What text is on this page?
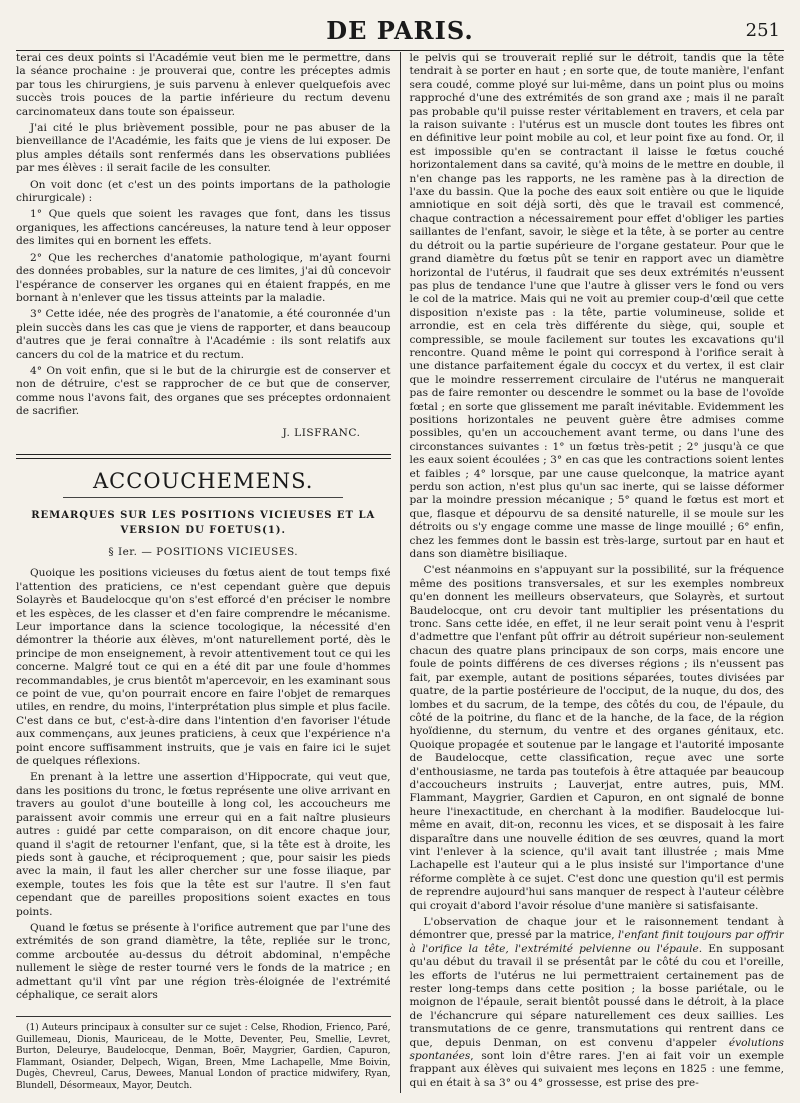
DE PARIS.	251

terai ces deux points si l'Académie veut bien me le permettre, dans la séance prochaine : je prouverai que, contre les préceptes admis par tous les chirurgiens, je suis parvenu à enlever quelquefois avec succès trois pouces de la partie inférieure du rectum devenu carcinomateux dans toute son épaisseur.

J'ai cité le plus brièvement possible, pour ne pas abuser de la bienveillance de l'Académie, les faits que je viens de lui exposer. De plus amples détails sont renfermés dans les observations publiées par mes élèves : il serait facile de les consulter.

On voit donc (et c'est un des points importans de la pathologie chirurgicale) :

1° Que quels que soient les ravages que font, dans les tissus organiques, les affections cancéreuses, la nature tend à leur opposer des limites qui en bornent les effets.

2° Que les recherches d'anatomie pathologique, m'ayant fourni des données probables, sur la nature de ces limites, j'ai dû concevoir l'espérance de conserver les organes qui en étaient frappés, en me bornant à n'enlever que les tissus atteints par la maladie.

3° Cette idée, née des progrès de l'anatomie, a été couronnée d'un plein succès dans les cas que je viens de rapporter, et dans beaucoup d'autres que je ferai connaître à l'Académie : ils sont relatifs aux cancers du col de la matrice et du rectum.

4° On voit enfin, que si le but de la chirurgie est de conserver et non de détruire, c'est se rapprocher de ce but que de conserver, comme nous l'avons fait, des organes que ses préceptes ordonnaient de sacrifier.

J. LISFRANC.

ACCOUCHEMENS.
REMARQUES SUR LES POSITIONS VICIEUSES ET LA VERSION DU FOETUS(1).
§ Ier. — POSITIONS VICIEUSES.

Quoique les positions vicieuses du fœtus aient de tout temps fixé l'attention des praticiens, ce n'est cependant guère que depuis Solayrès et Baudelocque qu'on s'est efforcé d'en préciser le nombre et les espèces, de les classer et d'en faire comprendre le mécanisme. Leur importance dans la science tocologique, la nécessité d'en démontrer la théorie aux élèves, m'ont naturellement porté, dès le principe de mon enseignement, à revoir attentivement tout ce qui les concerne. Malgré tout ce qui en a été dit par une foule d'hommes recommandables, je crus bientôt m'apercevoir, en les examinant sous ce point de vue, qu'on pourrait encore en faire l'objet de remarques utiles, en rendre, du moins, l'interprétation plus simple et plus facile. C'est dans ce but, c'est-à-dire dans l'intention d'en favoriser l'étude aux commençans, aux jeunes praticiens, à ceux que l'expérience n'a point encore suffisamment instruits, que je vais en faire ici le sujet de quelques réflexions.

En prenant à la lettre une assertion d'Hippocrate, qui veut que, dans les positions du tronc, le fœtus représente une olive arrivant en travers au goulot d'une bouteille à long col, les accoucheurs me paraissent avoir commis une erreur qui en a fait naître plusieurs autres : guidé par cette comparaison, on dit encore chaque jour, quand il s'agit de retourner l'enfant, que, si la tête est à droite, les pieds sont à gauche, et réciproquement ; que, pour saisir les pieds avec la main, il faut les aller chercher sur une fosse iliaque, par exemple, toutes les fois que la tête est sur l'autre. Il s'en faut cependant que de pareilles propositions soient exactes en tous points.

Quand le fœtus se présente à l'orifice autrement que par l'une des extrémités de son grand diamètre, la tête, repliée sur le tronc, comme arcboutée au-dessus du détroit abdominal, n'empêche nullement le siège de rester tourné vers le fonds de la matrice ; en admettant qu'il vînt par une région très-éloignée de l'extrémité céphalique, ce serait alors

(1) Auteurs principaux à consulter sur ce sujet : Celse, Rhodion, Frienco, Paré, Guillemeau, Dionis, Mauriceau, de le Motte, Deventer, Peu, Smellie, Levret, Burton, Deleurye, Baudelocque, Denman, Boër, Maygrier, Gardien, Capuron, Flammant, Osiander, Delpech, Wigan, Breen, Mme Lachapelle, Mme Boivin, Dugès, Chevreul, Carus, Dewees, Manual London of practice midwifery, Ryan, Blundell, Désormeaux, Mayor, Deutch.

le pelvis qui se trouverait replié sur le détroit, tandis que la tête tendrait à se porter en haut ; en sorte que, de toute manière, l'enfant sera coudé, comme ployé sur lui-même, dans un point plus ou moins rapproché d'une des extrémités de son grand axe ; mais il ne paraît pas probable qu'il puisse rester véritablement en travers, et cela par la raison suivante : l'utérus est un muscle dont toutes les fibres ont en définitive leur point mobile au col, et leur point fixe au fond. Or, il est impossible qu'en se contractant il laisse le fœtus couché horizontalement dans sa cavité, qu'à moins de le mettre en double, il n'en change pas les rapports, ne les ramène pas à la direction de l'axe du bassin. Que la poche des eaux soit entière ou que le liquide amniotique en soit déjà sorti, dès que le travail est commencé, chaque contraction a nécessairement pour effet d'obliger les parties saillantes de l'enfant, savoir, le siège et la tête, à se porter au centre du détroit ou la partie supérieure de l'organe gestateur. Pour que le grand diamètre du fœtus pût se tenir en rapport avec un diamètre horizontal de l'utérus, il faudrait que ses deux extrémités n'eussent pas plus de tendance l'une que l'autre à glisser vers le fond ou vers le col de la matrice. Mais qui ne voit au premier coup-d'œil que cette disposition n'existe pas : la tête, partie volumineuse, solide et arrondie, est en cela très différente du siège, qui, souple et compressible, se moule facilement sur toutes les excavations qu'il rencontre. Quand même le point qui correspond à l'orifice serait à une distance parfaitement égale du coccyx et du vertex, il est clair que le moindre resserrement circulaire de l'utérus ne manquerait pas de faire remonter ou descendre le sommet ou la base de l'ovoïde fœtal ; en sorte que glissement me paraît inévitable. Evidemment les positions horizontales ne peuvent guère être admises comme possibles, qu'en un accouchement avant terme, ou dans l'une des circonstances suivantes : 1° un fœtus très-petit ; 2° jusqu'à ce que les eaux soient écoulées ; 3° en cas que les contractions soient lentes et faibles ; 4° lorsque, par une cause quelconque, la matrice ayant perdu son action, n'est plus qu'un sac inerte, qui se laisse déformer par la moindre pression mécanique ; 5° quand le fœtus est mort et que, flasque et dépourvu de sa densité naturelle, il se moule sur les détroits ou s'y engage comme une masse de linge mouillé ; 6° enfin, chez les femmes dont le bassin est très-large, surtout par en haut et dans son diamètre bisiliaque.

C'est néanmoins en s'appuyant sur la possibilité, sur la fréquence même des positions transversales, et sur les exemples nombreux qu'en donnent les meilleurs observateurs, que Solayrès, et surtout Baudelocque, ont cru devoir tant multiplier les présentations du tronc. Sans cette idée, en effet, il ne leur serait point venu à l'esprit d'admettre que l'enfant pût offrir au détroit supérieur non-seulement chacun des quatre plans principaux de son corps, mais encore une foule de points différens de ces diverses régions ; ils n'eussent pas fait, par exemple, autant de positions séparées, toutes divisées par quatre, de la partie postérieure de l'occiput, de la nuque, du dos, des lombes et du sacrum, de la tempe, des côtés du cou, de l'épaule, du côté de la poitrine, du flanc et de la hanche, de la face, de la région hyoïdienne, du sternum, du ventre et des organes génitaux, etc. Quoique propagée et soutenue par le langage et l'autorité imposante de Baudelocque, cette classification, reçue avec une sorte d'enthousiasme, ne tarda pas toutefois à être attaquée par beaucoup d'accoucheurs instruits ; Lauverjat, entre autres, puis, MM. Flammant, Maygrier, Gardien et Capuron, en ont signalé de bonne heure l'inexactitude, en cherchant à la modifier. Baudelocque lui-même en avait, dit-on, reconnu les vices, et se disposait à les faire disparaître dans une nouvelle édition de ses œuvres, quand la mort vint l'enlever à la science, qu'il avait tant illustrée ; mais Mme Lachapelle est l'auteur qui a le plus insisté sur l'importance d'une réforme complète à ce sujet. C'est donc une question qu'il est permis de reprendre aujourd'hui sans manquer de respect à l'auteur célèbre qui croyait d'abord l'avoir résolue d'une manière si satisfaisante.

L'observation de chaque jour et le raisonnement tendant à démontrer que, pressé par la matrice, l'enfant finit toujours par offrir à l'orifice la tête, l'extrémité pelvienne ou l'épaule. En supposant qu'au début du travail il se présentât par le côté du cou et l'oreille, les efforts de l'utérus ne lui permettraient certainement pas de rester long-temps dans cette position ; la bosse pariétale, ou le moignon de l'épaule, serait bientôt poussé dans le détroit, à la place de l'échancrure qui sépare naturellement ces deux saillies. Les transmutations de ce genre, transmutations qui rentrent dans ce que, depuis Denman, on est convenu d'appeler évolutions spontanées, sont loin d'être rares. J'en ai fait voir un exemple frappant aux élèves qui suivaient mes leçons en 1825 : une femme, qui en était à sa 3° ou 4° grossesse, est prise des pre-
